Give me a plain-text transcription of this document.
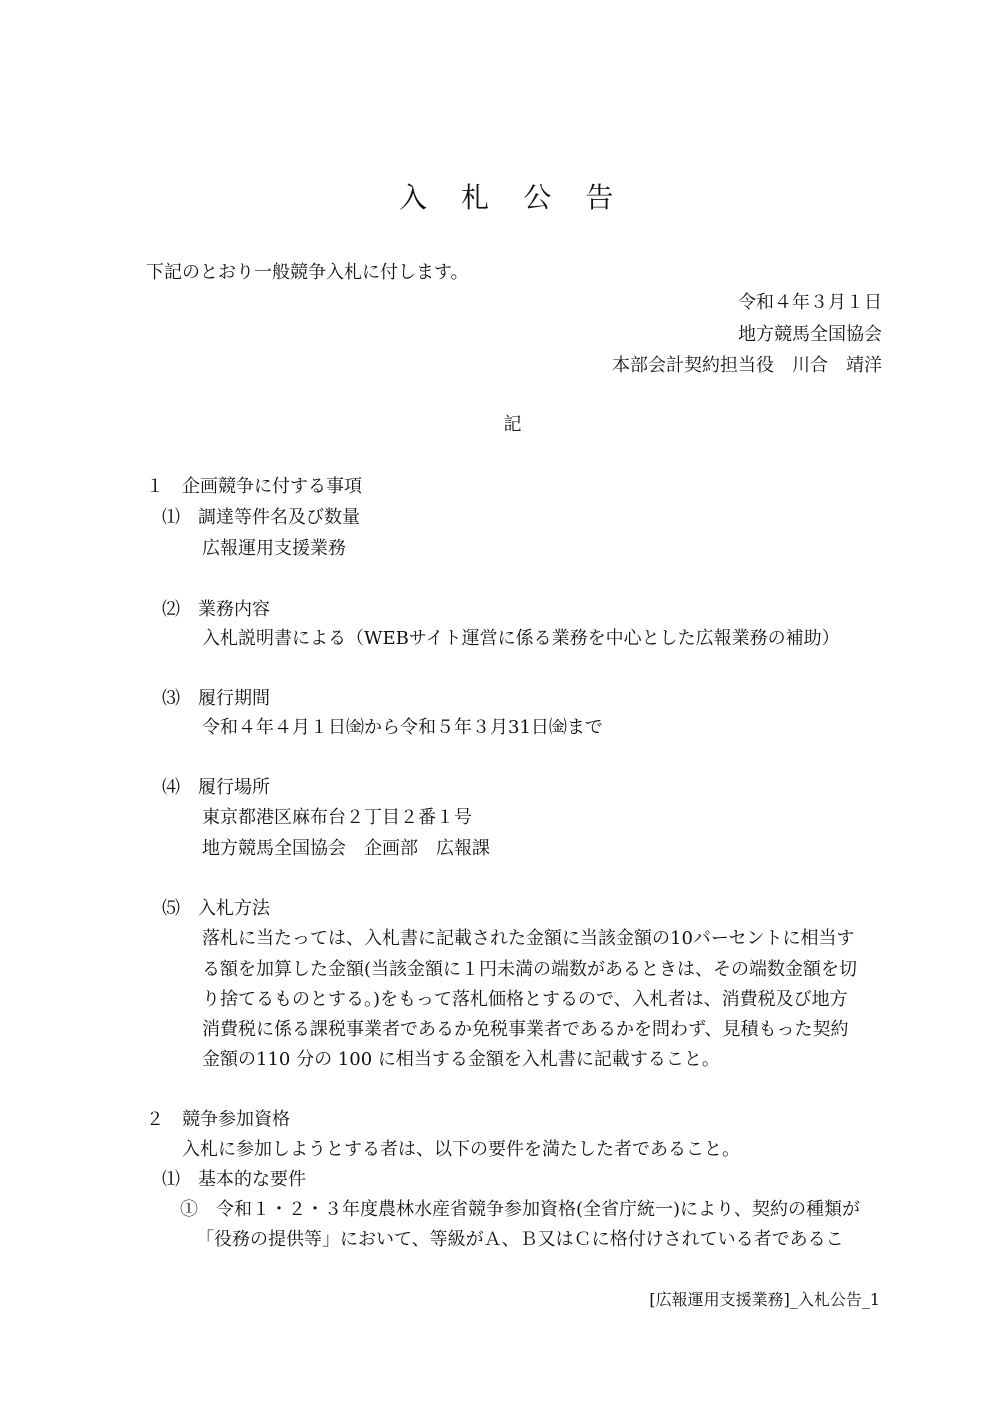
入 札 公 告
下記のとおり一般競争入札に付します。
令和４年３月１日
地方競馬全国協会
本部会計契約担当役　川合　靖洋
記
１　企画競争に付する事項
⑴　調達等件名及び数量
広報運用支援業務
⑵　業務内容
入札説明書による（WEBサイト運営に係る業務を中心とした広報業務の補助）
⑶　履行期間
令和４年４月１日㈮から令和５年３月31日㈮まで
⑷　履行場所
東京都港区麻布台２丁目２番１号
地方競馬全国協会　企画部　広報課
⑸　入札方法
落札に当たっては、入札書に記載された金額に当該金額の10パーセントに相当す
る額を加算した金額(当該金額に１円未満の端数があるときは、その端数金額を切
り捨てるものとする。)をもって落札価格とするので、入札者は、消費税及び地方
消費税に係る課税事業者であるか免税事業者であるかを問わず、見積もった契約
金額の110 分の 100 に相当する金額を入札書に記載すること。
２　競争参加資格
入札に参加しようとする者は、以下の要件を満たした者であること。
⑴　基本的な要件
①　令和１・２・３年度農林水産省競争参加資格(全省庁統一)により、契約の種類が
「役務の提供等」において、等級がＡ、Ｂ又はＣに格付けされている者であるこ
[広報運用支援業務]_入札公告_1
